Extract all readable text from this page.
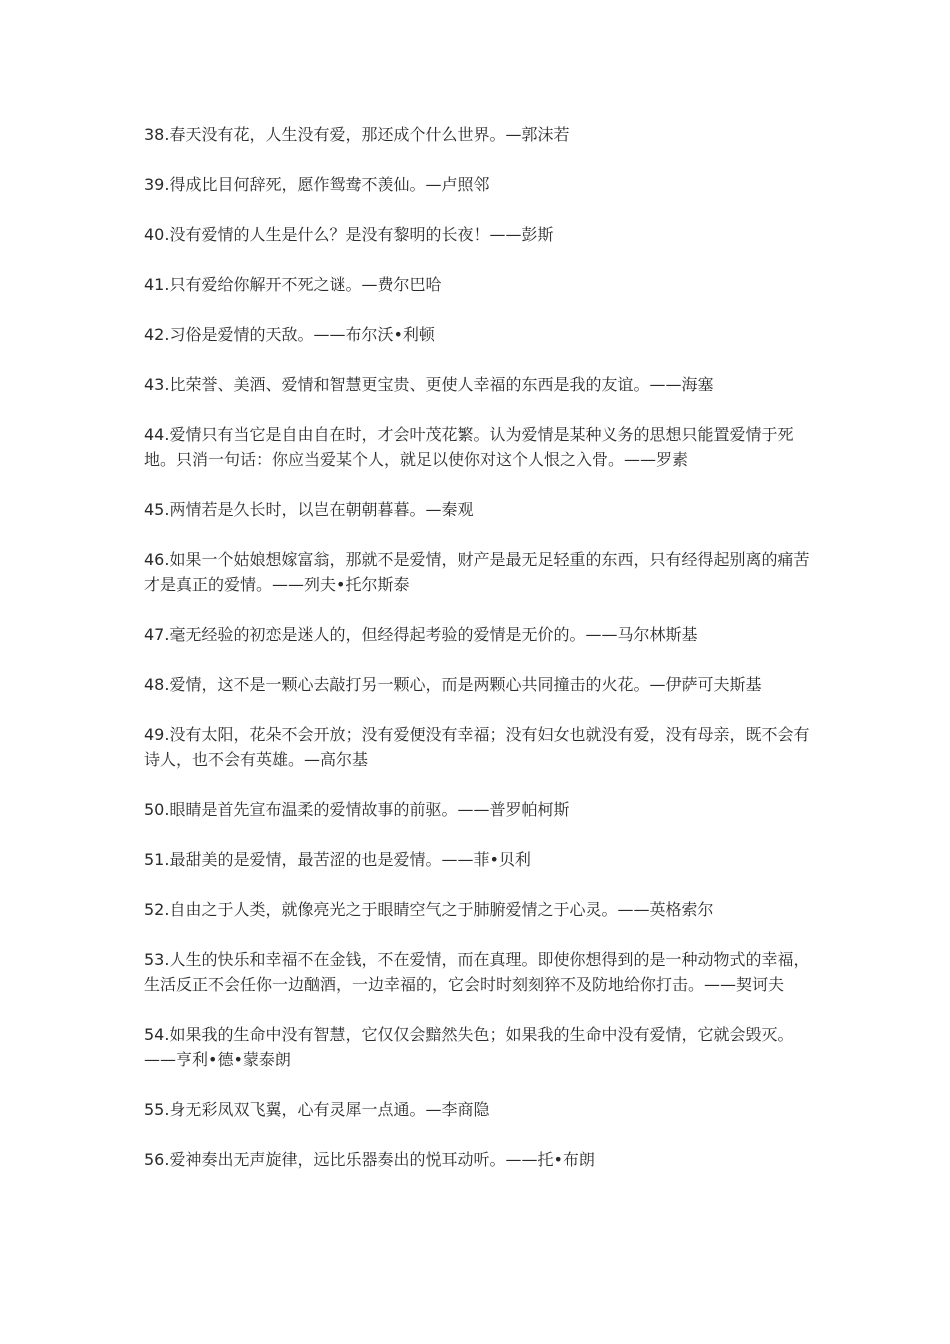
38.春天没有花，人生没有爱，那还成个什么世界。—郭沫若
39.得成比目何辞死，愿作鸳鸯不羡仙。—卢照邻
40.没有爱情的人生是什么？是没有黎明的长夜！——彭斯
41.只有爱给你解开不死之谜。—费尔巴哈
42.习俗是爱情的天敌。——布尔沃•利顿
43.比荣誉、美酒、爱情和智慧更宝贵、更使人幸福的东西是我的友谊。——海塞
44.爱情只有当它是自由自在时，才会叶茂花繁。认为爱情是某种义务的思想只能置爱情于死地。只消一句话：你应当爱某个人，就足以使你对这个人恨之入骨。——罗素
45.两情若是久长时，以岂在朝朝暮暮。—秦观
46.如果一个姑娘想嫁富翁，那就不是爱情，财产是最无足轻重的东西，只有经得起别离的痛苦才是真正的爱情。——列夫•托尔斯泰
47.毫无经验的初恋是迷人的，但经得起考验的爱情是无价的。——马尔林斯基
48.爱情，这不是一颗心去敲打另一颗心，而是两颗心共同撞击的火花。—伊萨可夫斯基
49.没有太阳，花朵不会开放；没有爱便没有幸福；没有妇女也就没有爱，没有母亲，既不会有诗人，也不会有英雄。—高尔基
50.眼睛是首先宣布温柔的爱情故事的前驱。——普罗帕柯斯
51.最甜美的是爱情，最苦涩的也是爱情。——菲•贝利
52.自由之于人类，就像亮光之于眼睛空气之于肺腑爱情之于心灵。——英格索尔
53.人生的快乐和幸福不在金钱，不在爱情，而在真理。即使你想得到的是一种动物式的幸福，生活反正不会任你一边酗酒，一边幸福的，它会时时刻刻猝不及防地给你打击。——契诃夫
54.如果我的生命中没有智慧，它仅仅会黯然失色；如果我的生命中没有爱情，它就会毁灭。——亨利•德•蒙泰朗
55.身无彩凤双飞翼，心有灵犀一点通。—李商隐
56.爱神奏出无声旋律，远比乐器奏出的悦耳动听。——托•布朗
